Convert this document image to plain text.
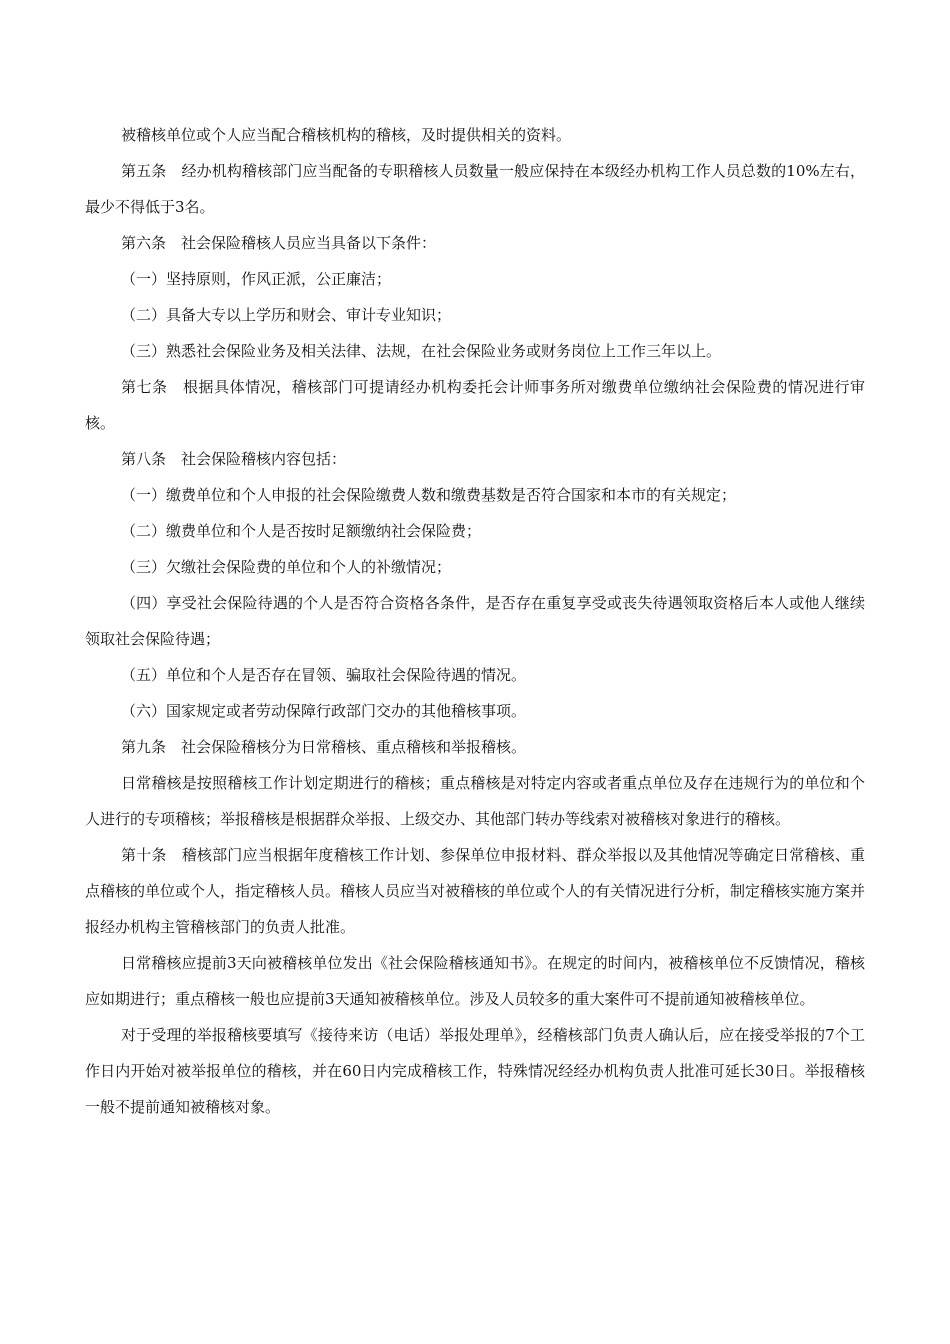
被稽核单位或个人应当配合稽核机构的稽核，及时提供相关的资料。

第五条　经办机构稽核部门应当配备的专职稽核人员数量一般应保持在本级经办机构工作人员总数的10%左右，最少不得低于3名。

第六条　社会保险稽核人员应当具备以下条件：

（一）坚持原则，作风正派，公正廉洁；

（二）具备大专以上学历和财会、审计专业知识；

（三）熟悉社会保险业务及相关法律、法规，在社会保险业务或财务岗位上工作三年以上。

第七条　根据具体情况，稽核部门可提请经办机构委托会计师事务所对缴费单位缴纳社会保险费的情况进行审核。

第八条　社会保险稽核内容包括：

（一）缴费单位和个人申报的社会保险缴费人数和缴费基数是否符合国家和本市的有关规定；

（二）缴费单位和个人是否按时足额缴纳社会保险费；

（三）欠缴社会保险费的单位和个人的补缴情况；

（四）享受社会保险待遇的个人是否符合资格各条件，是否存在重复享受或丧失待遇领取资格后本人或他人继续领取社会保险待遇；

（五）单位和个人是否存在冒领、骗取社会保险待遇的情况。

（六）国家规定或者劳动保障行政部门交办的其他稽核事项。

第九条　社会保险稽核分为日常稽核、重点稽核和举报稽核。

日常稽核是按照稽核工作计划定期进行的稽核；重点稽核是对特定内容或者重点单位及存在违规行为的单位和个人进行的专项稽核；举报稽核是根据群众举报、上级交办、其他部门转办等线索对被稽核对象进行的稽核。

第十条　稽核部门应当根据年度稽核工作计划、参保单位申报材料、群众举报以及其他情况等确定日常稽核、重点稽核的单位或个人，指定稽核人员。稽核人员应当对被稽核的单位或个人的有关情况进行分析，制定稽核实施方案并报经办机构主管稽核部门的负责人批准。

日常稽核应提前3天向被稽核单位发出《社会保险稽核通知书》。在规定的时间内，被稽核单位不反馈情况，稽核应如期进行；重点稽核一般也应提前3天通知被稽核单位。涉及人员较多的重大案件可不提前通知被稽核单位。

对于受理的举报稽核要填写《接待来访（电话）举报处理单》，经稽核部门负责人确认后，应在接受举报的7个工作日内开始对被举报单位的稽核，并在60日内完成稽核工作，特殊情况经经办机构负责人批准可延长30日。举报稽核一般不提前通知被稽核对象。
